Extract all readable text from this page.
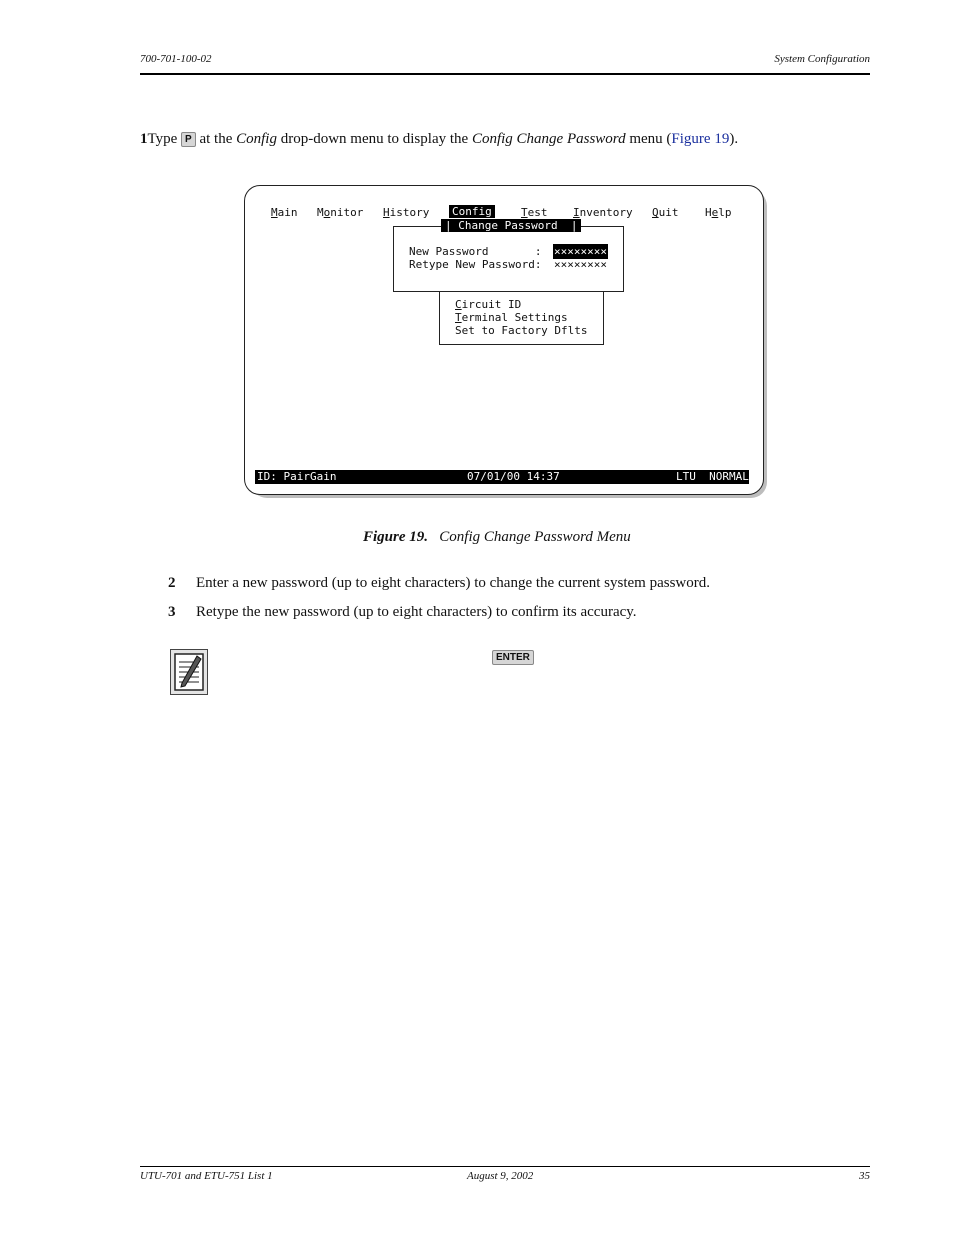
700-701-100-02	System Configuration
1Type P at the Config drop-down menu to display the Config Change Password menu (Figure 19).
Main Monitor History Config	Test Inventory Quit Help
Circuit ID
Terminal Settings
Set to Factory Dflts
| Change Password  |
New Password       : ××××××××
Retype New Password: ××××××××
ID: PairGain	07/01/00 14:37	LTU  NORMAL
Figure 19. Config Change Password Menu
2 Enter a new password (up to eight characters) to change the current system password.
3 Retype the new password (up to eight characters) to confirm its accuracy.
ENTER
UTU-701 and ETU-751 List 1	August 9, 2002	35
